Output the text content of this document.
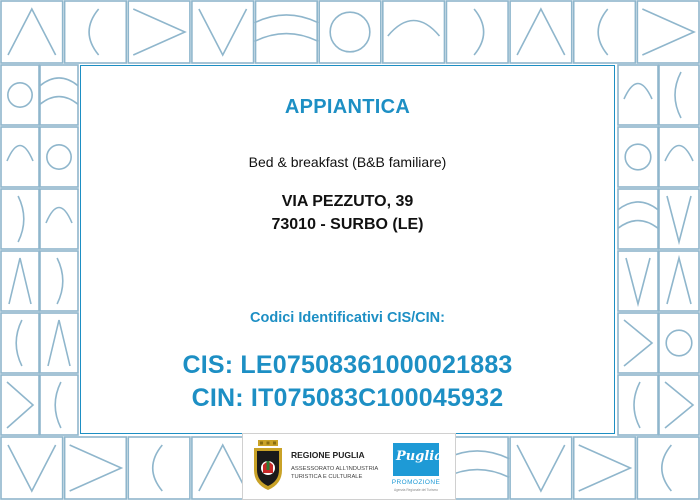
APPIANTICA
Bed & breakfast (B&B familiare)
VIA PEZZUTO, 39
73010 - SURBO (LE)
Codici Identificativi CIS/CIN:
CIS: LE07508361000021883
CIN: IT075083C100045932
REGIONE PUGLIA
ASSESSORATO ALL'INDUSTRIA TURISTICA E CULTURALE
Puglia
PROMOZIONE
Agenzia Regionale del Turismo
